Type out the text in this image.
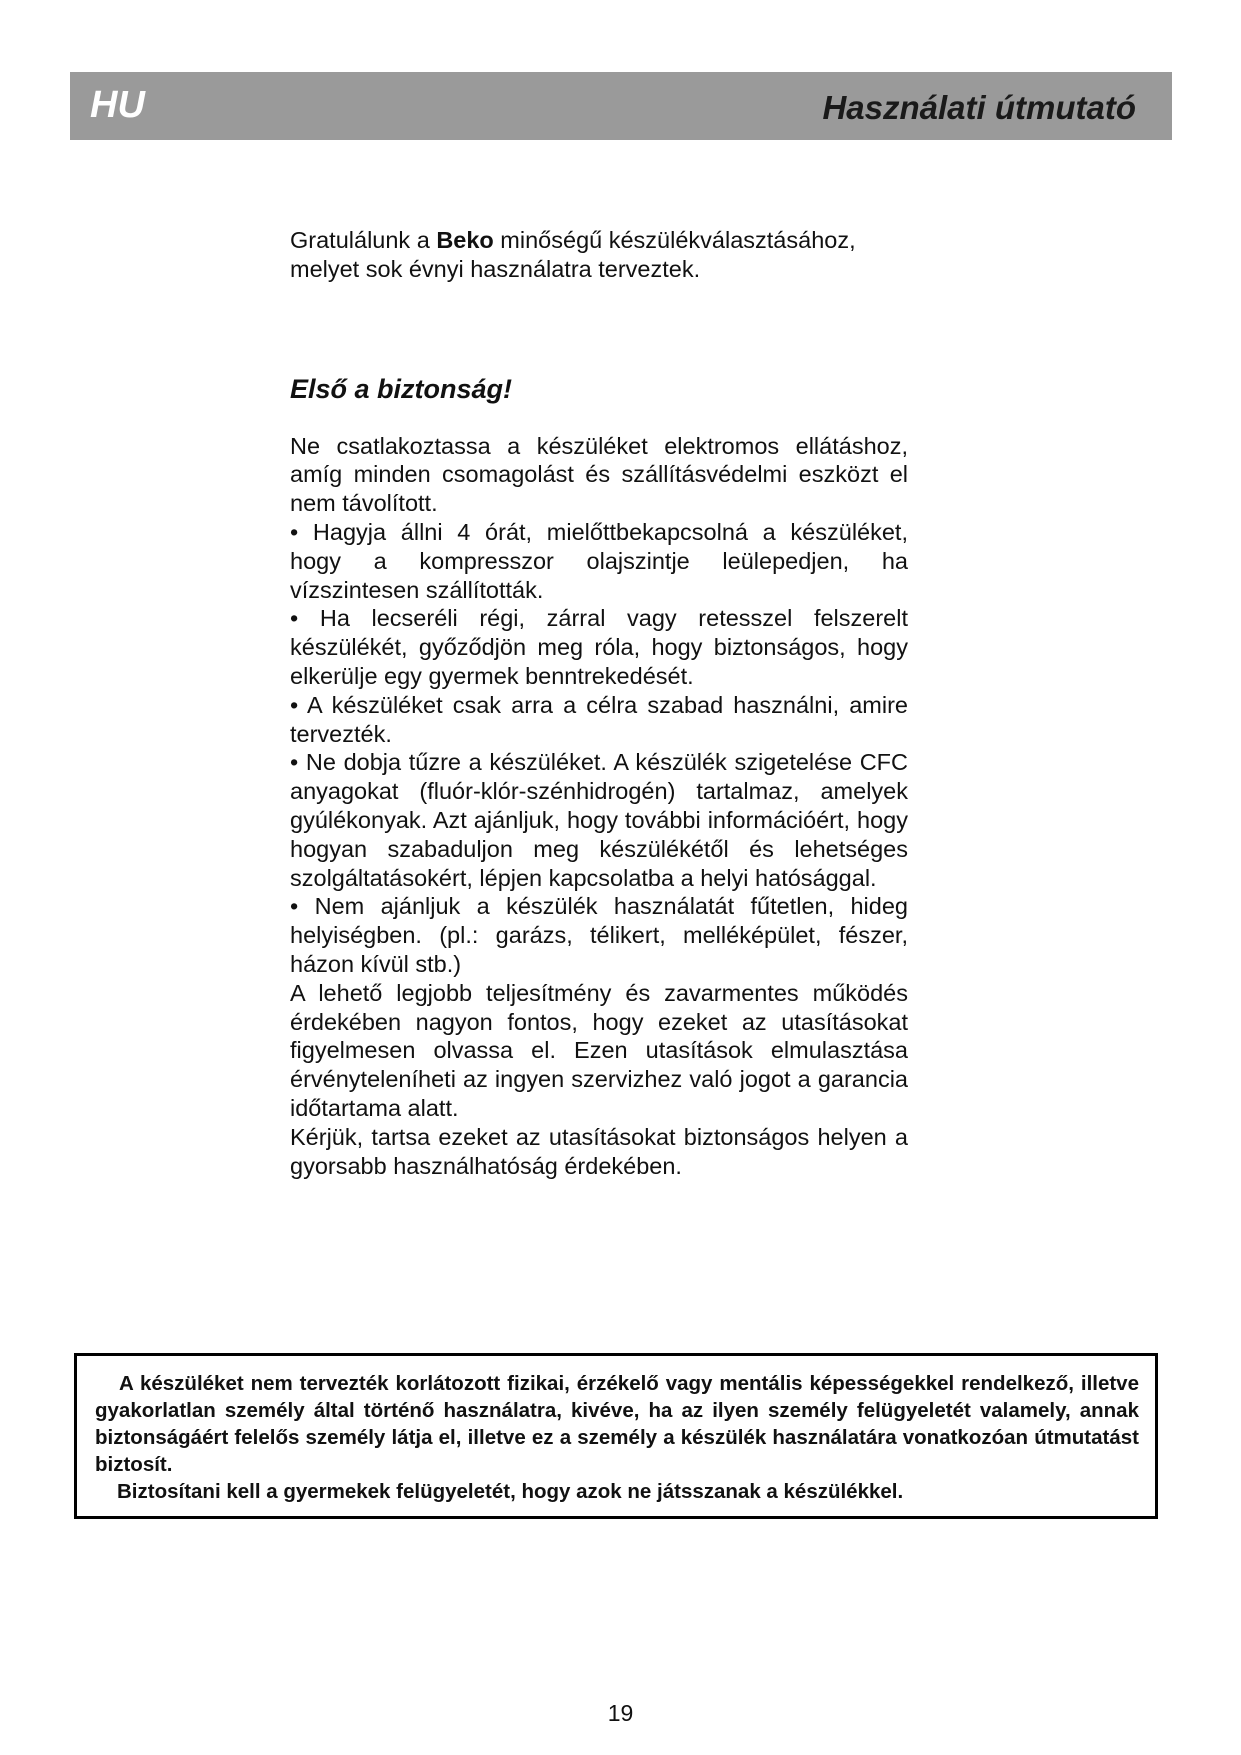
HU	Használati útmutató

Gratulálunk a Beko minőségű készülékválasztásához, melyet sok évnyi használatra terveztek.

Első a biztonság!

Ne csatlakoztassa a készüléket elektromos ellátáshoz, amíg minden csomagolást és szállításvédelmi eszközt el nem távolított.

• Hagyja állni 4 órát, mielőttbekapcsolná a készüléket, hogy a kompresszor olajszintje leülepedjen, ha vízszintesen szállították.

• Ha lecseréli régi, zárral vagy retesszel felszerelt készülékét, győződjön meg róla, hogy biztonságos, hogy elkerülje egy gyermek benntrekedését.

• A készüléket csak arra a célra szabad használni, amire tervezték.

• Ne dobja tűzre a készüléket. A készülék szigetelése CFC anyagokat (fluór-klór-szénhidrogén) tartalmaz, amelyek gyúlékonyak. Azt ajánljuk, hogy további információért, hogy hogyan szabaduljon meg készülékétől és lehetséges szolgáltatásokért, lépjen kapcsolatba a helyi hatósággal.

• Nem ajánljuk a készülék használatát fűtetlen, hideg helyiségben. (pl.: garázs, télikert, melléképület, fészer, házon kívül stb.)

A lehető legjobb teljesítmény és zavarmentes működés érdekében nagyon fontos, hogy ezeket az utasításokat figyelmesen olvassa el. Ezen utasítások elmulasztása érvényteleníheti az ingyen szervizhez való jogot a garancia időtartama alatt.

Kérjük, tartsa ezeket az utasításokat biztonságos helyen a gyorsabb használhatóság érdekében.

A készüléket nem tervezték korlátozott fizikai, érzékelő vagy mentális képességekkel rendelkező, illetve gyakorlatlan személy által történő használatra, kivéve, ha az ilyen személy felügyeletét valamely, annak biztonságáért felelős személy látja el, illetve ez a személy a készülék használatára vonatkozóan útmutatást biztosít.

Biztosítani kell a gyermekek felügyeletét, hogy azok ne játsszanak a készülékkel.

19
